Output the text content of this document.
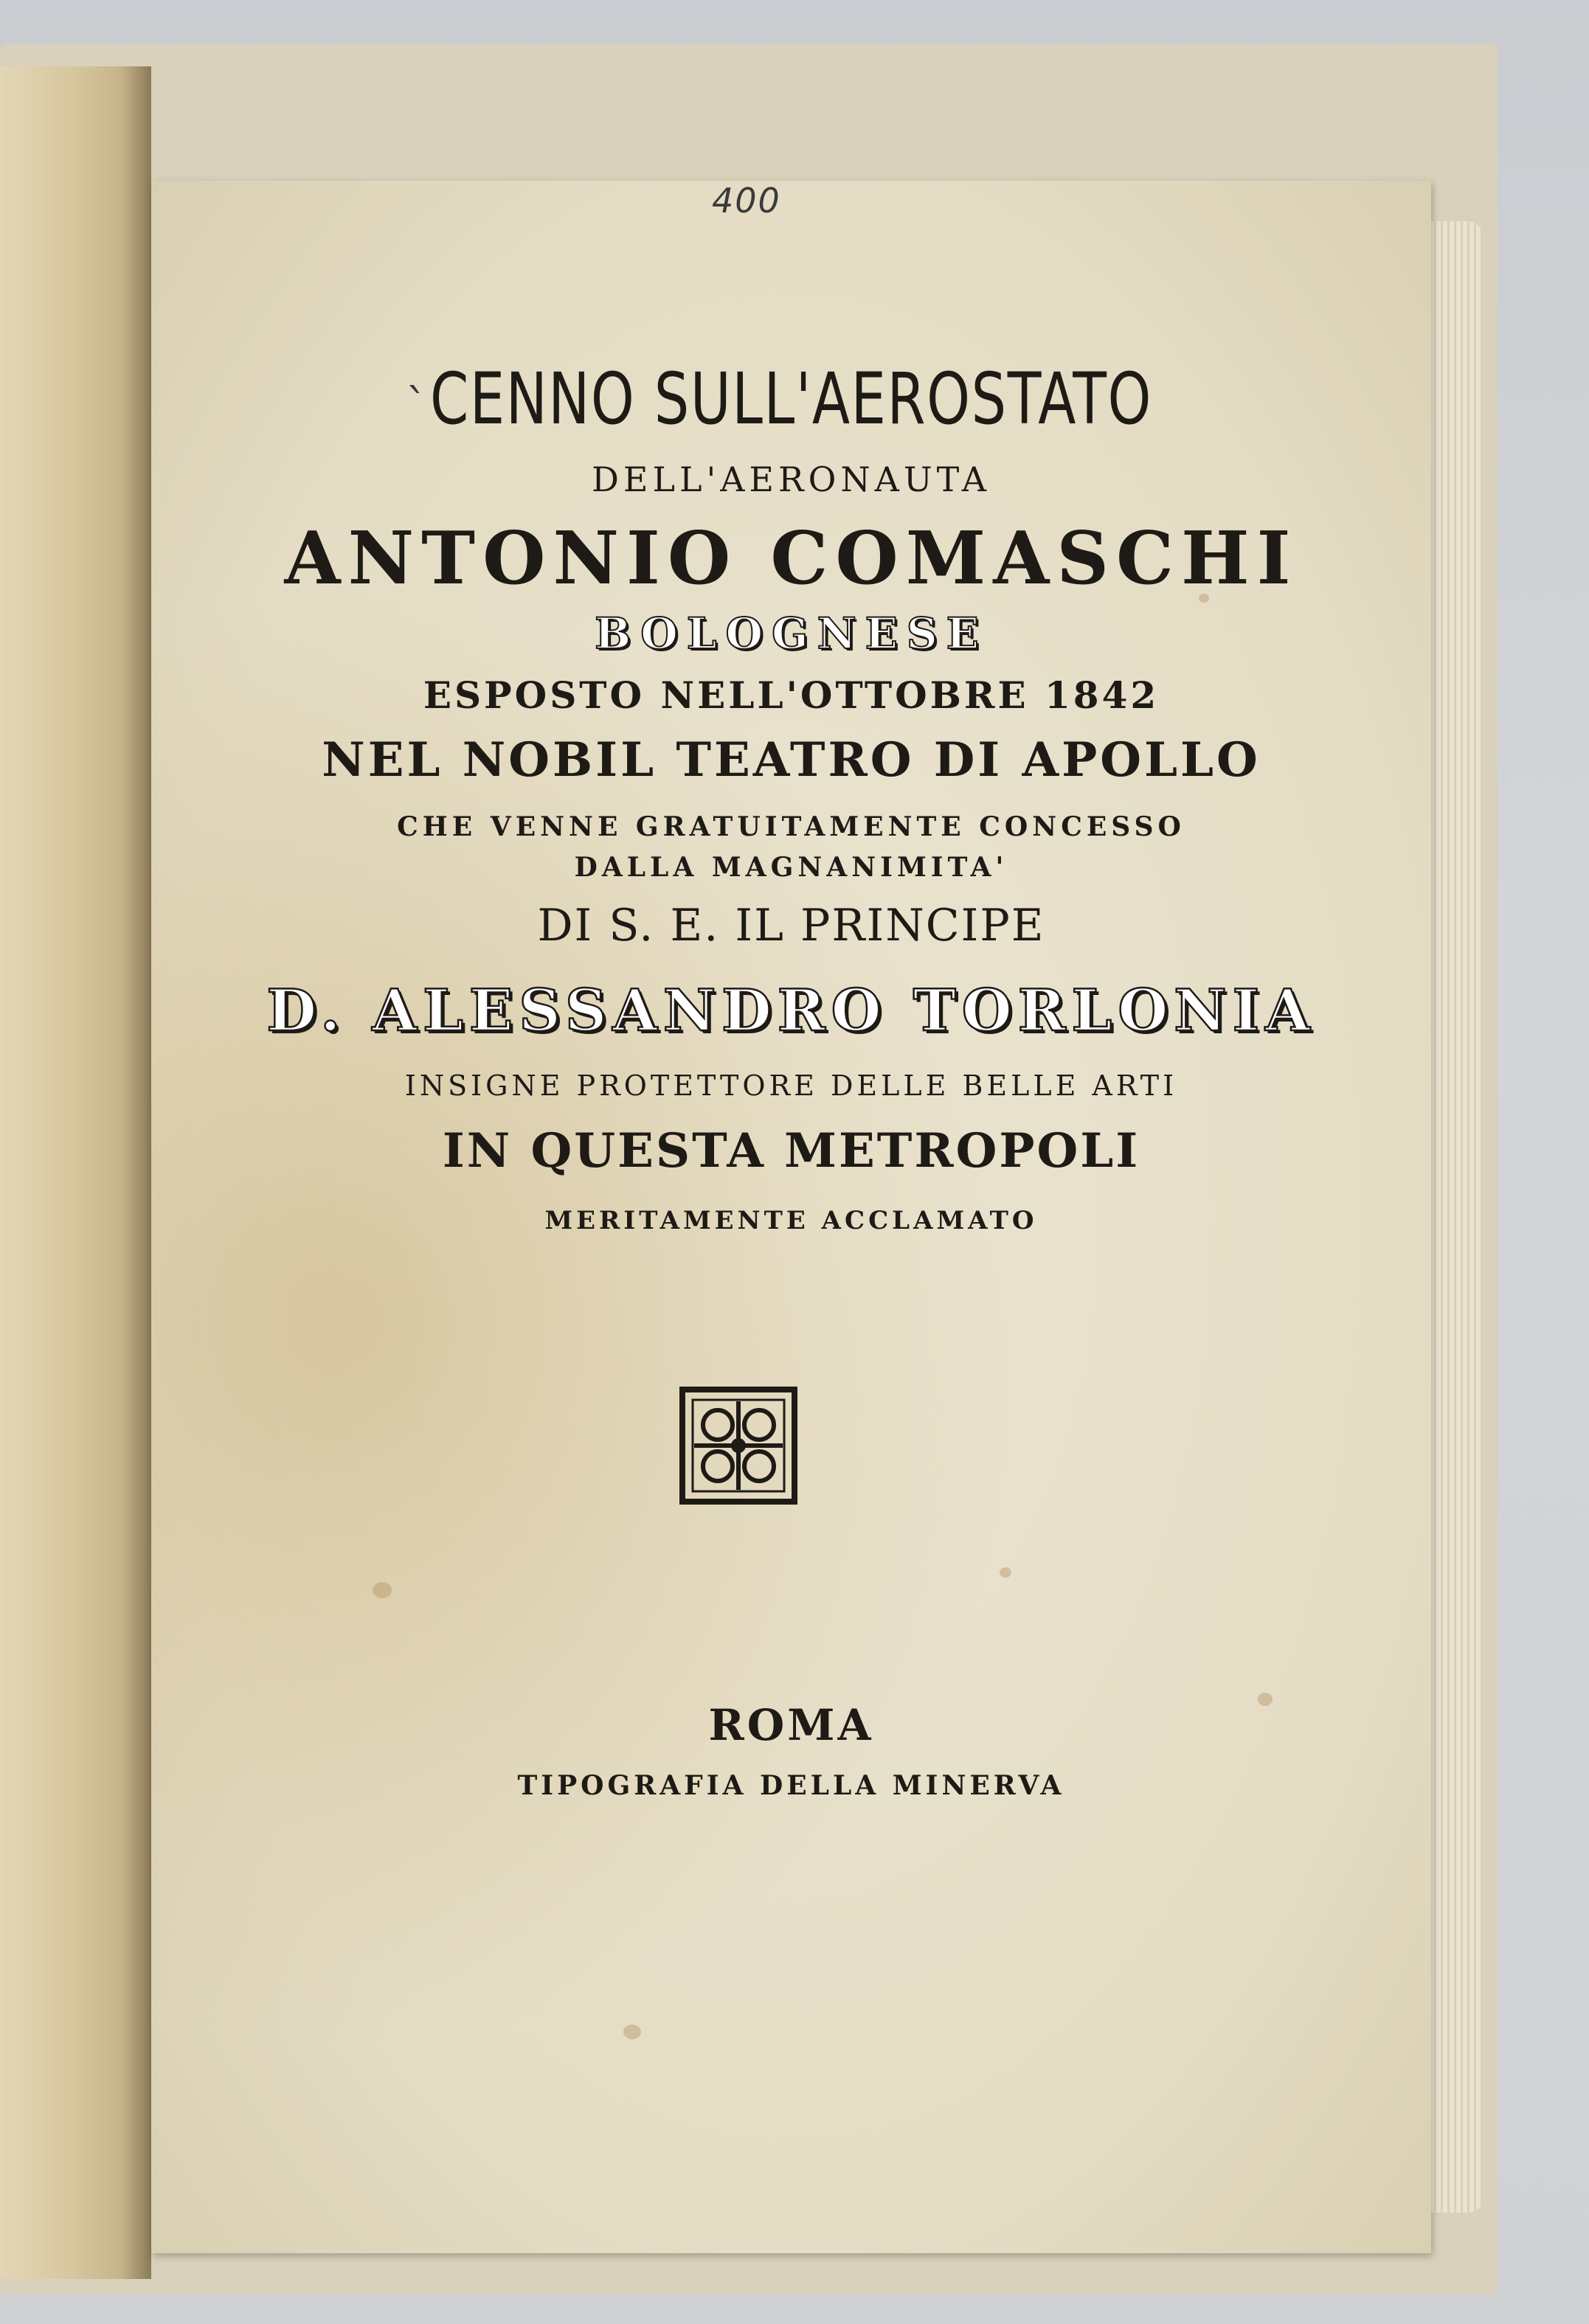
400
` CENNO SULL'AEROSTATO

DELL'AERONAUTA

ANTONIO COMASCHI

BOLOGNESE

ESPOSTO NELL'OTTOBRE 1842

NEL NOBIL TEATRO DI APOLLO

CHE VENNE GRATUITAMENTE CONCESSO

DALLA MAGNANIMITA'

DI S. E. IL PRINCIPE

D. ALESSANDRO TORLONIA

INSIGNE PROTETTORE DELLE BELLE ARTI

IN QUESTA METROPOLI

MERITAMENTE ACCLAMATO

ROMA

TIPOGRAFIA DELLA MINERVA
